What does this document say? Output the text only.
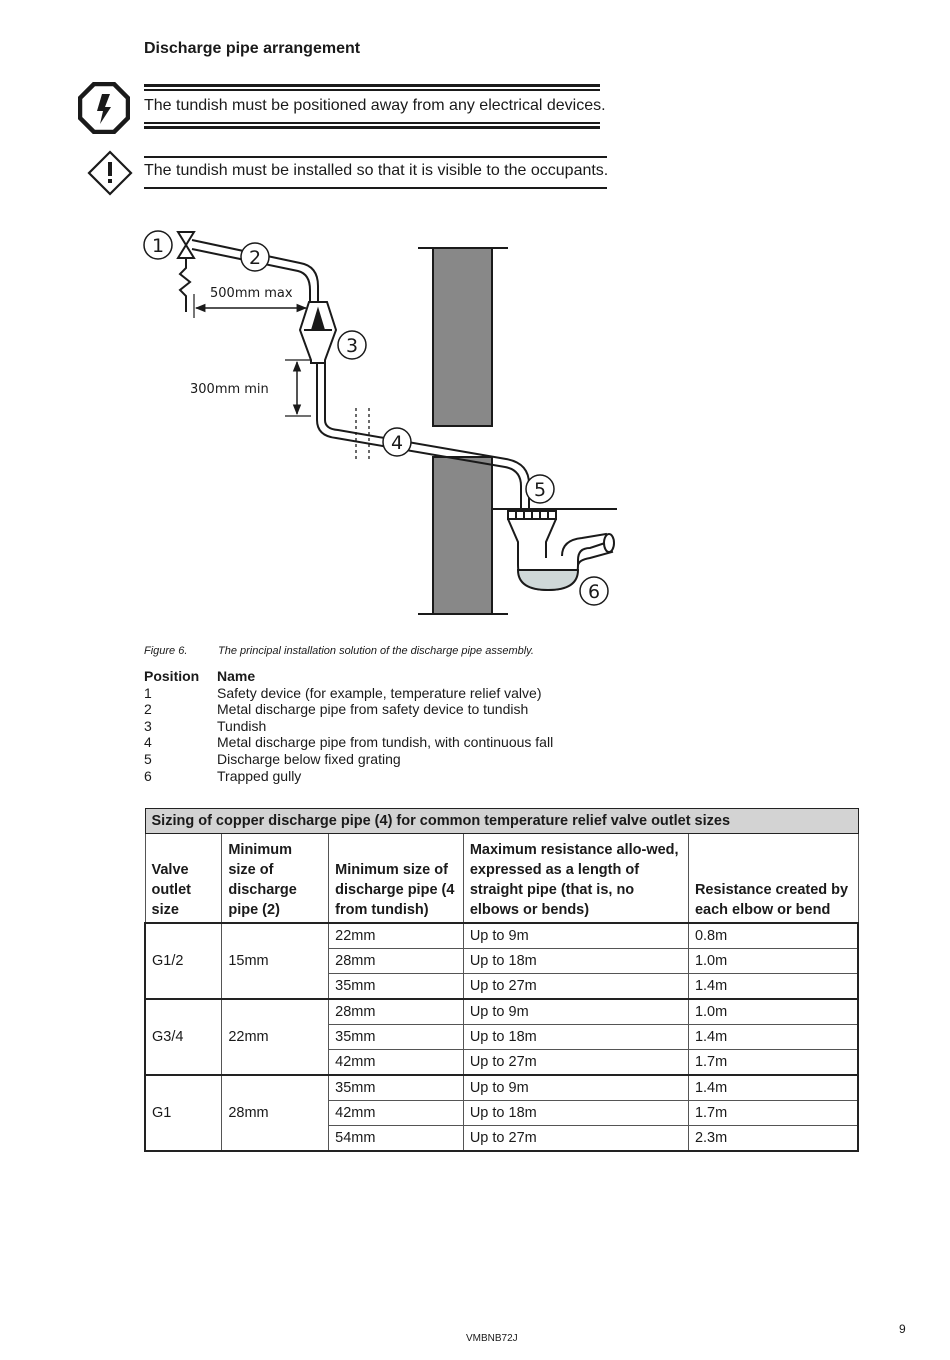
Discharge pipe arrangement
The tundish must be positioned away from any electrical devices.
The tundish must be installed so that it is visible to the occupants.
500mm max
300mm min
1
2
3
4
5
6
Figure 6.	The principal installation solution of the discharge pipe assembly.
Position	Name
1	Safety device (for example, temperature relief valve)
2	Metal discharge pipe from safety device to tundish
3	Tundish
4	Metal discharge pipe from tundish, with continuous fall
5	Discharge below fixed grating
6	Trapped gully
Sizing of copper discharge pipe (4) for common temperature relief valve outlet sizes				
Valve outlet size	Minimum size of discharge pipe (2)	Minimum size of discharge pipe (4 from tundish)	Maximum resistance allo-wed, expressed as a length of straight pipe (that is, no elbows or bends)	Resistance created by each elbow or bend
G1/2	15mm	22mm	Up to 9m	0.8m
		28mm	Up to 18m	1.0m
		35mm	Up to 27m	1.4m
G3/4	22mm	28mm	Up to 9m	1.0m
		35mm	Up to 18m	1.4m
		42mm	Up to 27m	1.7m
G1	28mm	35mm	Up to 9m	1.4m
		42mm	Up to 18m	1.7m
		54mm	Up to 27m	2.3m
VMBNB72J
9
